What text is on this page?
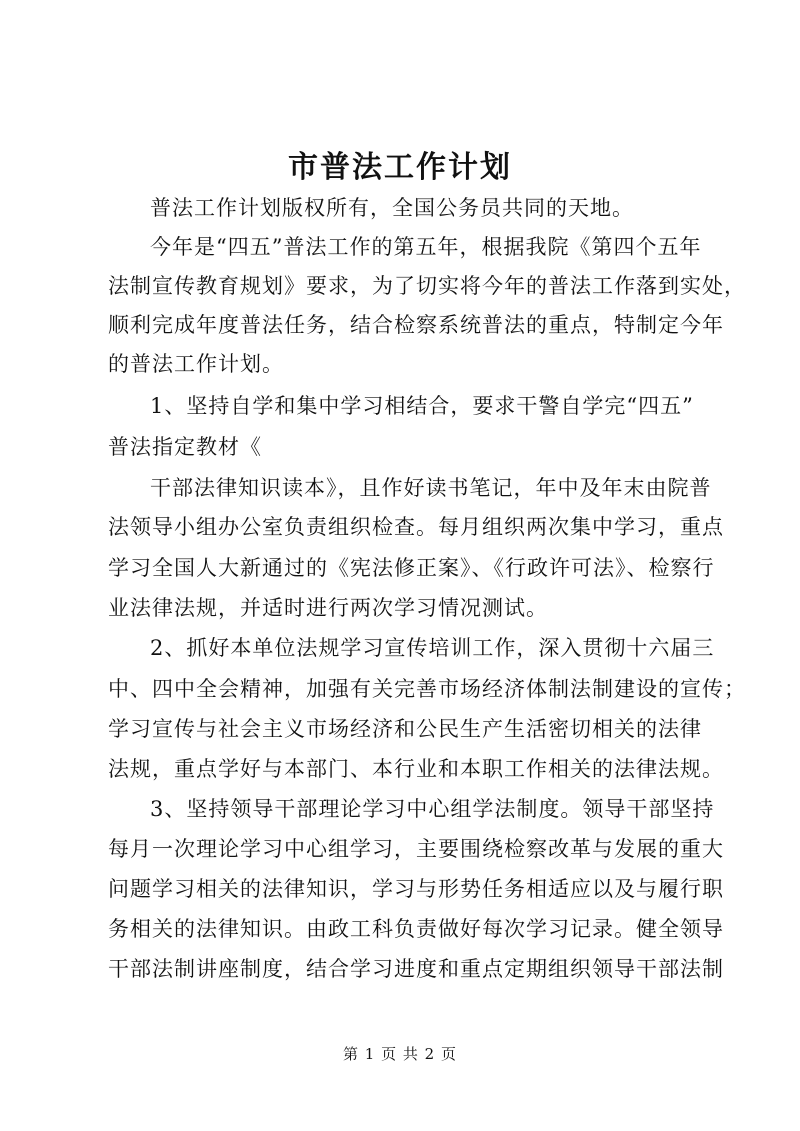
市普法工作计划
普法工作计划版权所有，全国公务员共同的天地。
今年是“四五”普法工作的第五年，根据我院《第四个五年
法制宣传教育规划》要求，为了切实将今年的普法工作落到实处，
顺利完成年度普法任务，结合检察系统普法的重点，特制定今年
的普法工作计划。
1、坚持自学和集中学习相结合，要求干警自学完“四五”
普法指定教材《
干部法律知识读本》，且作好读书笔记，年中及年末由院普
法领导小组办公室负责组织检查。每月组织两次集中学习，重点
学习全国人大新通过的《宪法修正案》、《行政许可法》、检察行
业法律法规，并适时进行两次学习情况测试。
2、抓好本单位法规学习宣传培训工作，深入贯彻十六届三
中、四中全会精神，加强有关完善市场经济体制法制建设的宣传；
学习宣传与社会主义市场经济和公民生产生活密切相关的法律
法规，重点学好与本部门、本行业和本职工作相关的法律法规。
3、坚持领导干部理论学习中心组学法制度。领导干部坚持
每月一次理论学习中心组学习，主要围绕检察改革与发展的重大
问题学习相关的法律知识，学习与形势任务相适应以及与履行职
务相关的法律知识。由政工科负责做好每次学习记录。健全领导
干部法制讲座制度，结合学习进度和重点定期组织领导干部法制
第 1 页 共 2 页
